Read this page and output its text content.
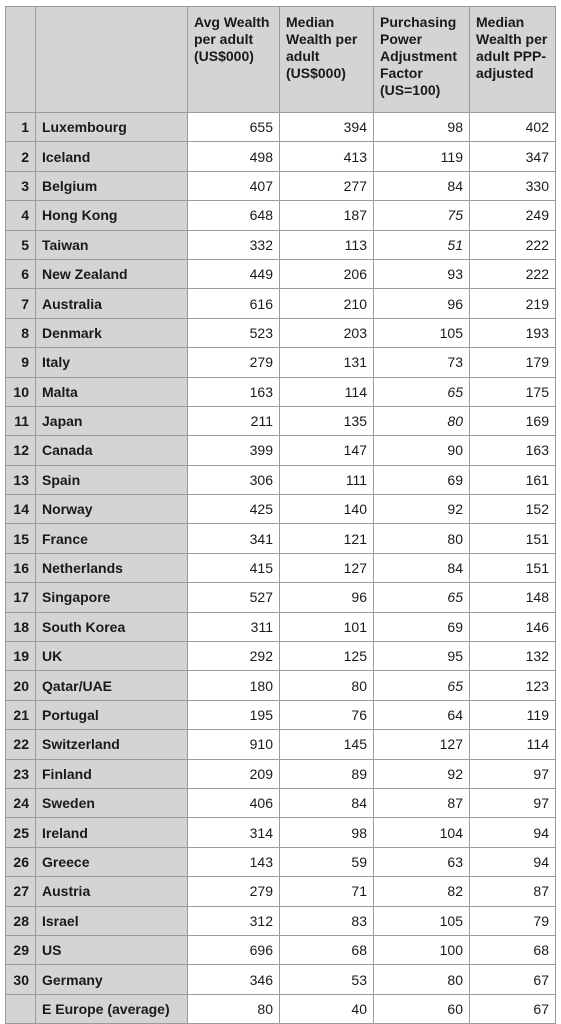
		Avg Wealth per adult (US$000)	Median Wealth per adult (US$000)	Purchasing Power Adjustment Factor (US=100)	Median Wealth per adult PPP-adjusted
1	Luxembourg	655	394	98	402
2	Iceland	498	413	119	347
3	Belgium	407	277	84	330
4	Hong Kong	648	187	75	249
5	Taiwan	332	113	51	222
6	New Zealand	449	206	93	222
7	Australia	616	210	96	219
8	Denmark	523	203	105	193
9	Italy	279	131	73	179
10	Malta	163	114	65	175
11	Japan	211	135	80	169
12	Canada	399	147	90	163
13	Spain	306	111	69	161
14	Norway	425	140	92	152
15	France	341	121	80	151
16	Netherlands	415	127	84	151
17	Singapore	527	96	65	148
18	South Korea	311	101	69	146
19	UK	292	125	95	132
20	Qatar/UAE	180	80	65	123
21	Portugal	195	76	64	119
22	Switzerland	910	145	127	114
23	Finland	209	89	92	97
24	Sweden	406	84	87	97
25	Ireland	314	98	104	94
26	Greece	143	59	63	94
27	Austria	279	71	82	87
28	Israel	312	83	105	79
29	US	696	68	100	68
30	Germany	346	53	80	67
	E Europe (average)	80	40	60	67
